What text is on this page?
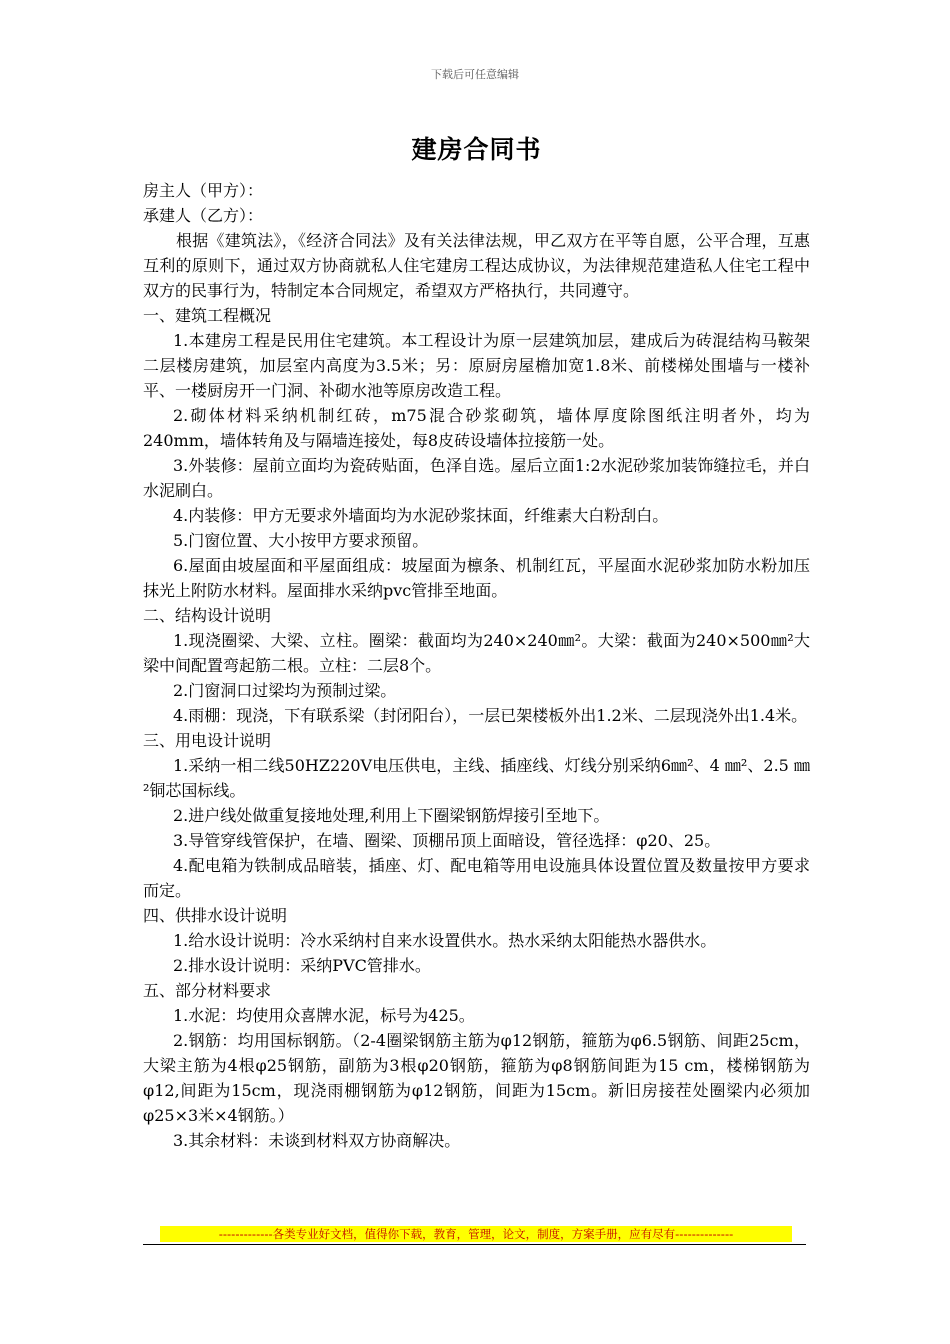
下载后可任意编辑
建房合同书

房主人（甲方）：

承建人（乙方）：

根据《建筑法》，《经济合同法》及有关法律法规，甲乙双方在平等自愿，公平合理，互惠互利的原则下，通过双方协商就私人住宅建房工程达成协议，为法律规范建造私人住宅工程中双方的民事行为，特制定本合同规定，希望双方严格执行，共同遵守。

一、建筑工程概况

1.本建房工程是民用住宅建筑。本工程设计为原一层建筑加层，建成后为砖混结构马鞍架二层楼房建筑，加层室内高度为3.5米；另：原厨房屋檐加宽1.8米、前楼梯处围墙与一楼补平、一楼厨房开一门洞、补砌水池等原房改造工程。

2.砌体材料采纳机制红砖，m75混合砂浆砌筑，墙体厚度除图纸注明者外，均为240mm，墙体转角及与隔墙连接处，每8皮砖设墙体拉接筋一处。

3.外装修：屋前立面均为瓷砖贴面，色泽自选。屋后立面1:2水泥砂浆加装饰缝拉毛，并白水泥刷白。

4.内装修：甲方无要求外墙面均为水泥砂浆抹面，纤维素大白粉刮白。

5.门窗位置、大小按甲方要求预留。

6.屋面由坡屋面和平屋面组成：坡屋面为檩条、机制红瓦，平屋面水泥砂浆加防水粉加压抹光上附防水材料。屋面排水采纳pvc管排至地面。

二、结构设计说明

1.现浇圈梁、大梁、立柱。圈梁：截面均为240×240㎜²。大梁：截面为240×500㎜²大梁中间配置弯起筋二根。立柱：二层8个。

2.门窗洞口过梁均为预制过梁。

4.雨棚：现浇，下有联系梁（封闭阳台），一层已架楼板外出1.2米、二层现浇外出1.4米。

三、用电设计说明

1.采纳一相二线50HZ220V电压供电，主线、插座线、灯线分别采纳6㎜²、4 ㎜²、2.5 ㎜²铜芯国标线。

2.进户线处做重复接地处理,利用上下圈梁钢筋焊接引至地下。

3.导管穿线管保护，在墙、圈梁、顶棚吊顶上面暗设，管径选择：φ20、25。

4.配电箱为铁制成品暗装，插座、灯、配电箱等用电设施具体设置位置及数量按甲方要求而定。

四、供排水设计说明

1.给水设计说明：冷水采纳村自来水设置供水。热水采纳太阳能热水器供水。

2.排水设计说明：采纳PVC管排水。

五、部分材料要求

1.水泥：均使用众喜牌水泥，标号为425。

2.钢筋：均用国标钢筋。（2-4圈梁钢筋主筋为φ12钢筋，箍筋为φ6.5钢筋、间距25cm，大梁主筋为4根φ25钢筋，副筋为3根φ20钢筋，箍筋为φ8钢筋间距为15 cm，楼梯钢筋为φ12,间距为15cm，现浇雨棚钢筋为φ12钢筋，间距为15cm。新旧房接茬处圈梁内必须加φ25×3米×4钢筋。）

3.其余材料：未谈到材料双方协商解决。

-------------各类专业好文档，值得你下载，教育，管理，论文，制度，方案手册，应有尽有--------------
